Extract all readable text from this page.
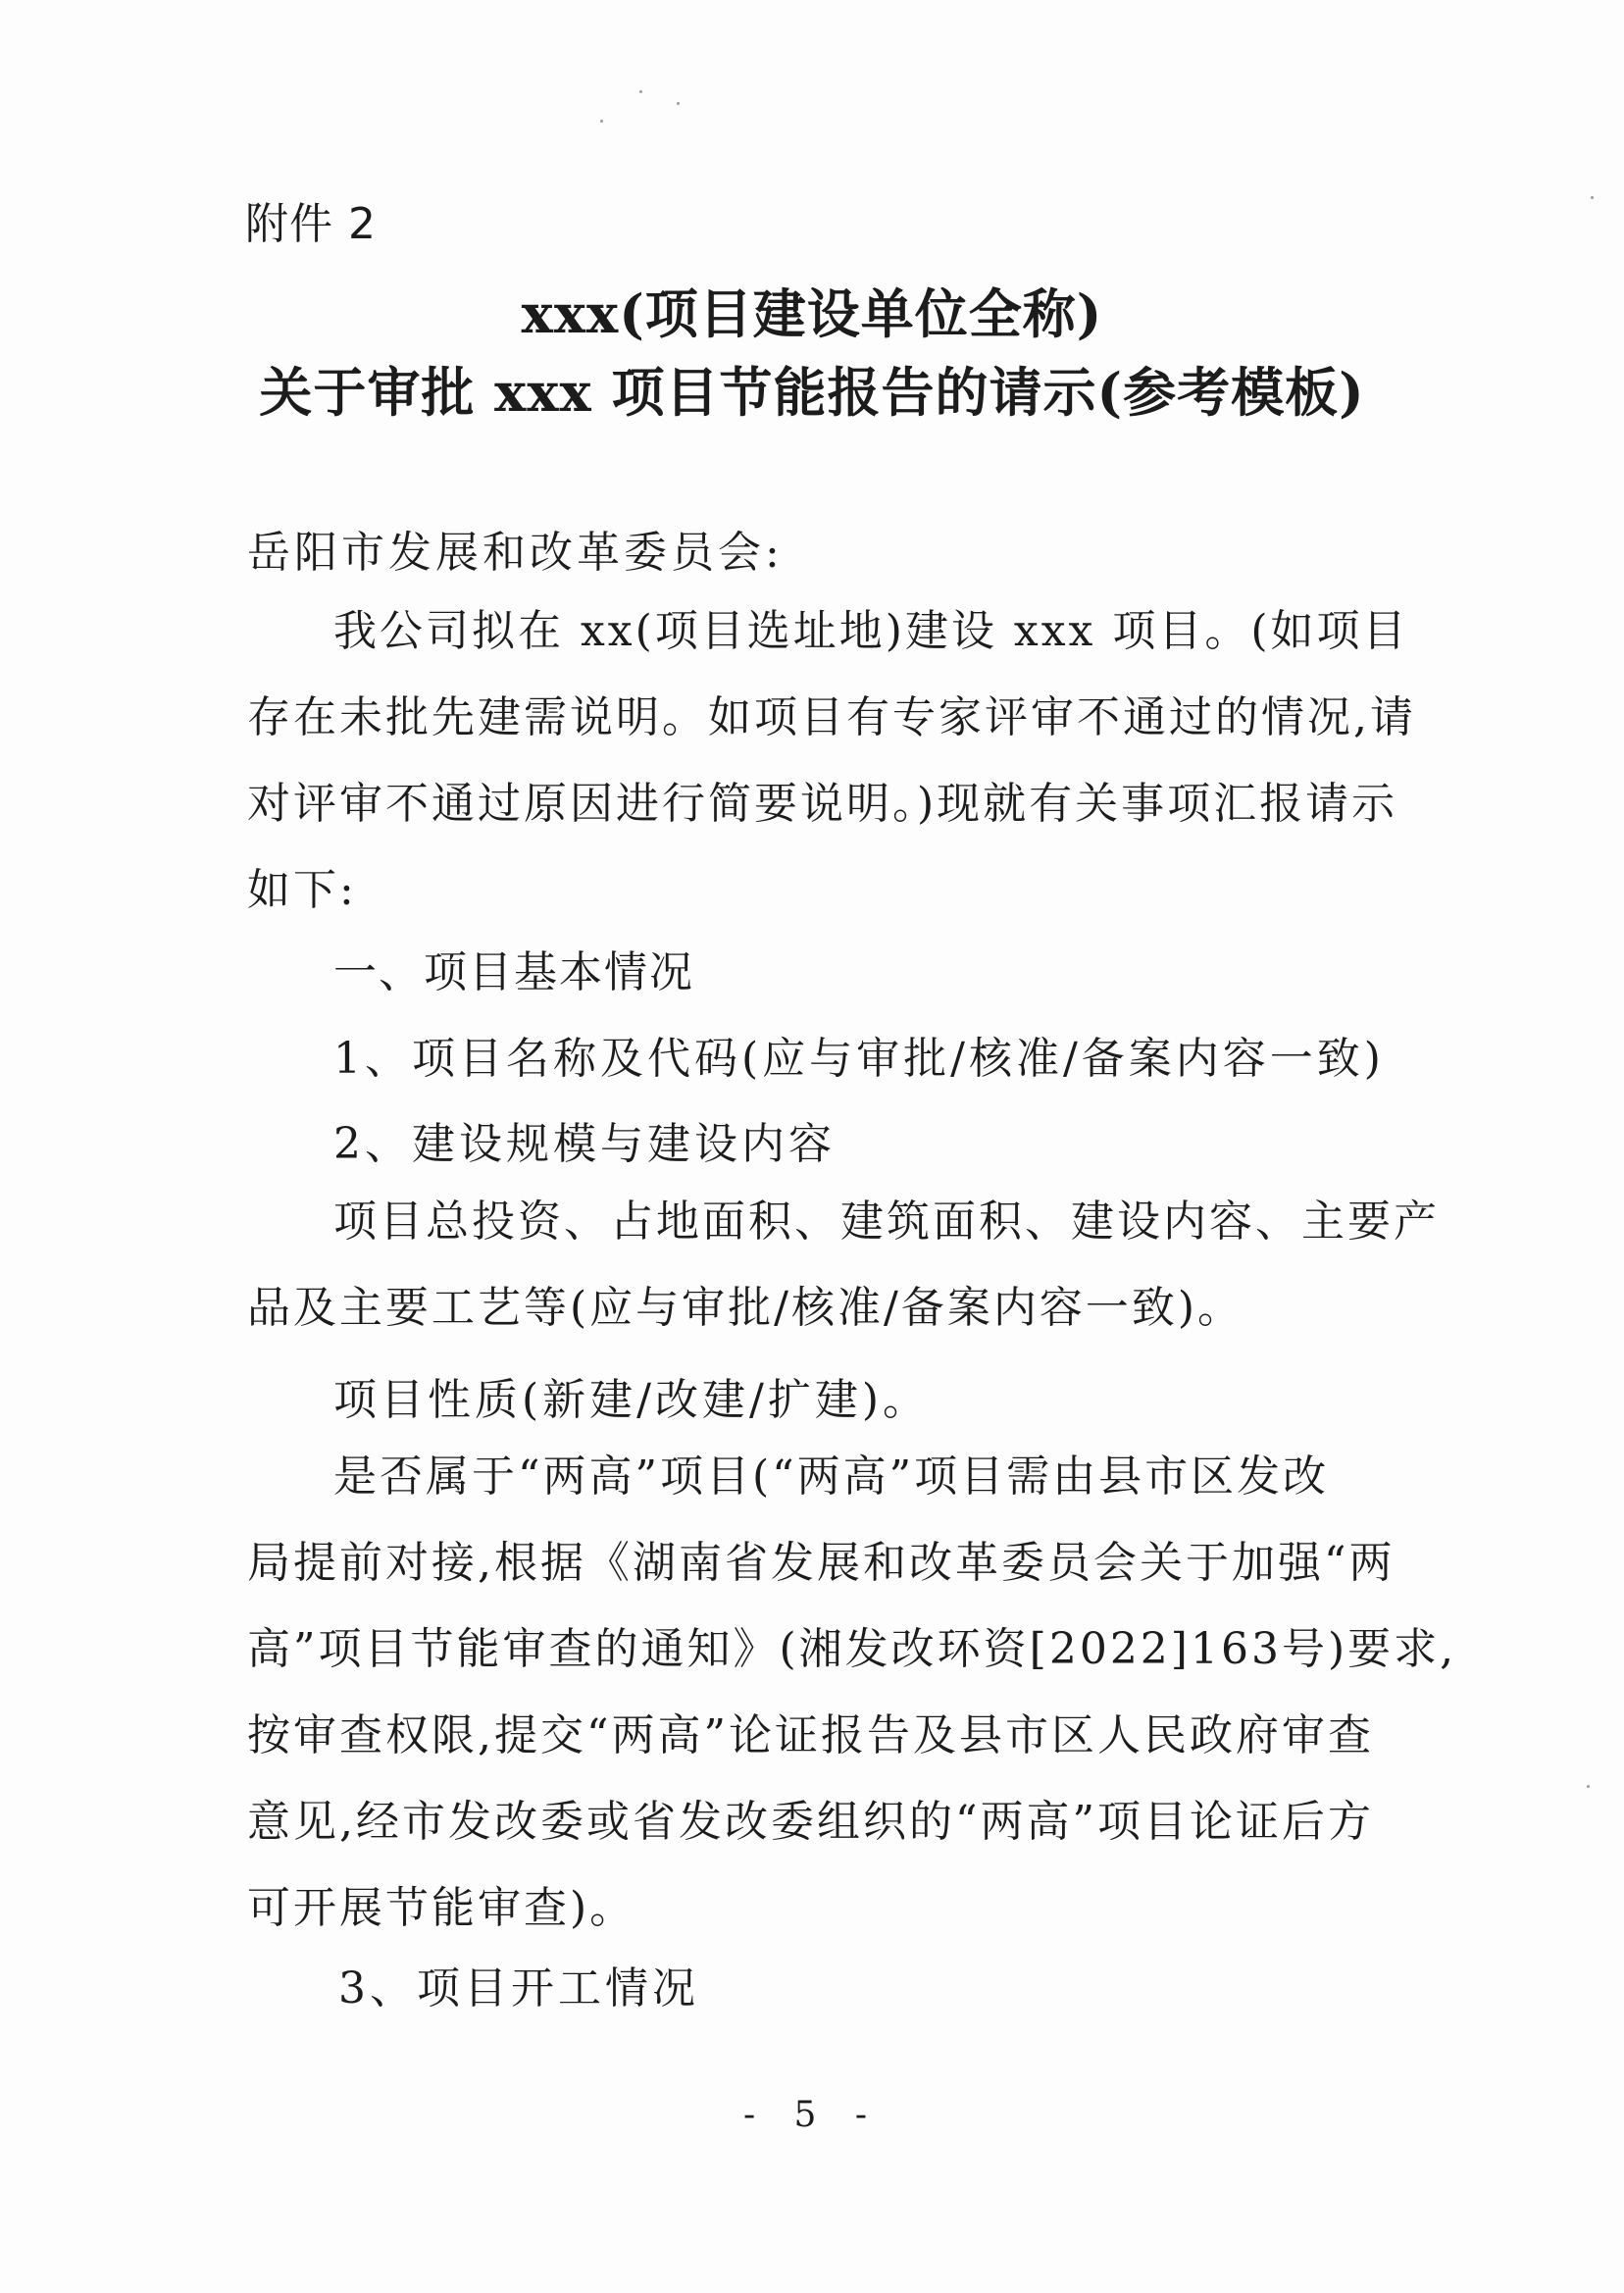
附件 2
xxx(项目建设单位全称)
关于审批 xxx 项目节能报告的请示(参考模板)
岳阳市发展和改革委员会:
我公司拟在 xx(项目选址地)建设 xxx 项目。(如项目
存在未批先建需说明。如项目有专家评审不通过的情况,请
对评审不通过原因进行简要说明。)现就有关事项汇报请示
如下:
一、项目基本情况
1、项目名称及代码(应与审批/核准/备案内容一致)
2、建设规模与建设内容
项目总投资、占地面积、建筑面积、建设内容、主要产
品及主要工艺等(应与审批/核准/备案内容一致)。
项目性质(新建/改建/扩建)。
是否属于“两高”项目(“两高”项目需由县市区发改
局提前对接,根据《湖南省发展和改革委员会关于加强“两
高”项目节能审查的通知》(湘发改环资[2022]163号)要求,
按审查权限,提交“两高”论证报告及县市区人民政府审查
意见,经市发改委或省发改委组织的“两高”项目论证后方
可开展节能审查)。
3、项目开工情况
- 5 -
